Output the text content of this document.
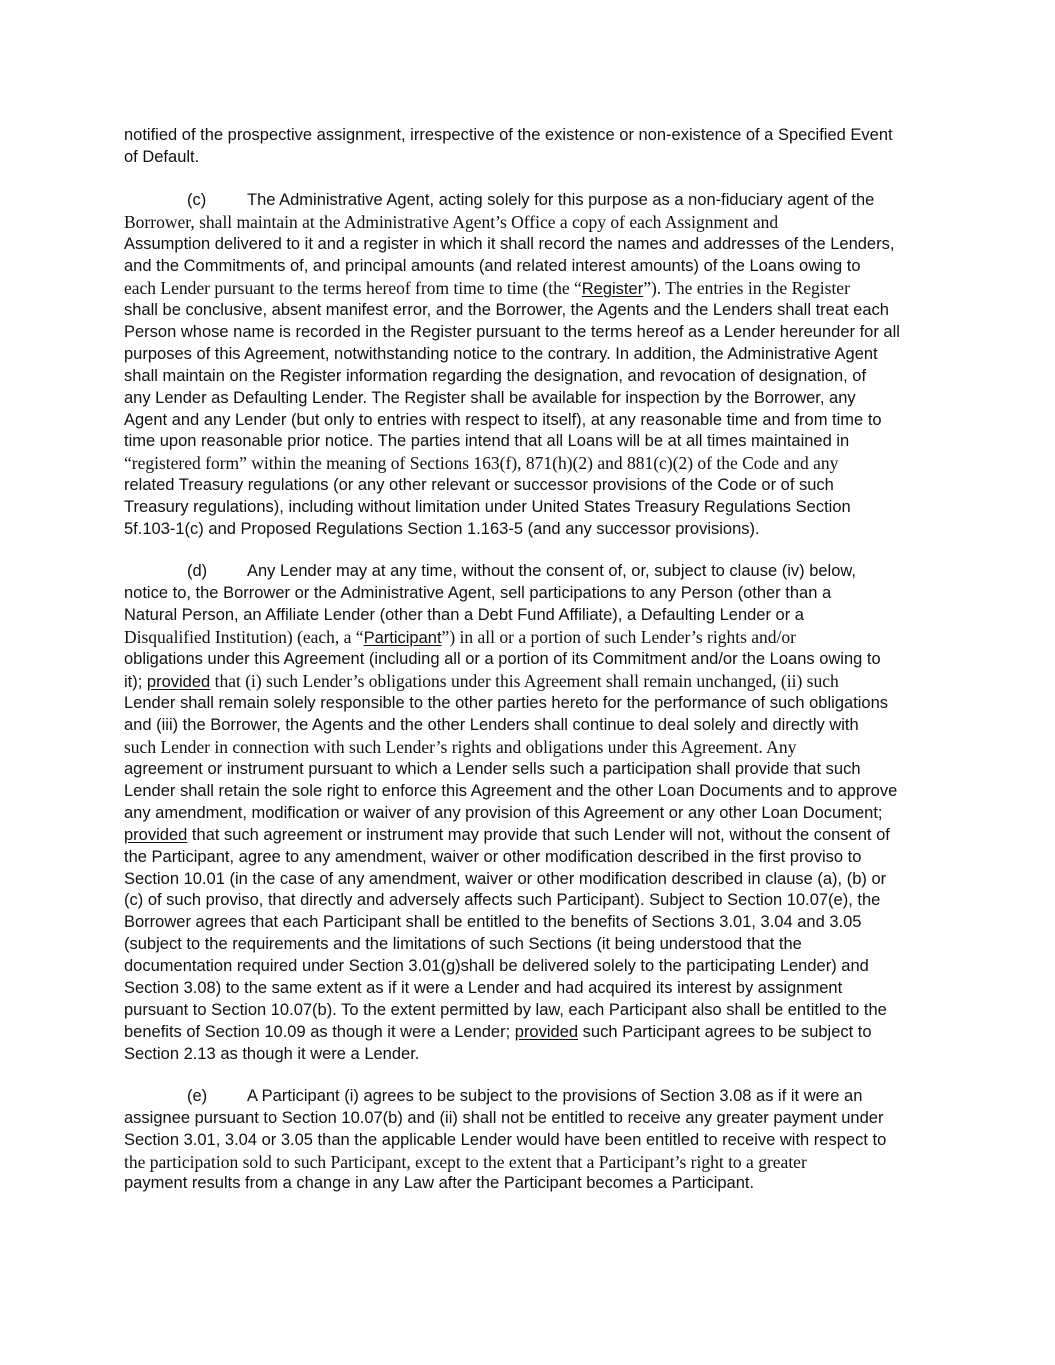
notified of the prospective assignment, irrespective of the existence or non-existence of a Specified Event
of Default.
(c) The Administrative Agent, acting solely for this purpose as a non-fiduciary agent of the
Borrower, shall maintain at the Administrative Agent’s Office a copy of each Assignment and
Assumption delivered to it and a register in which it shall record the names and addresses of the Lenders,
and the Commitments of, and principal amounts (and related interest amounts) of the Loans owing to
each Lender pursuant to the terms hereof from time to time (the “Register”). The entries in the Register
shall be conclusive, absent manifest error, and the Borrower, the Agents and the Lenders shall treat each
Person whose name is recorded in the Register pursuant to the terms hereof as a Lender hereunder for all
purposes of this Agreement, notwithstanding notice to the contrary. In addition, the Administrative Agent
shall maintain on the Register information regarding the designation, and revocation of designation, of
any Lender as Defaulting Lender. The Register shall be available for inspection by the Borrower, any
Agent and any Lender (but only to entries with respect to itself), at any reasonable time and from time to
time upon reasonable prior notice. The parties intend that all Loans will be at all times maintained in
“registered form” within the meaning of Sections 163(f), 871(h)(2) and 881(c)(2) of the Code and any
related Treasury regulations (or any other relevant or successor provisions of the Code or of such
Treasury regulations), including without limitation under United States Treasury Regulations Section
5f.103-1(c) and Proposed Regulations Section 1.163-5 (and any successor provisions).
(d) Any Lender may at any time, without the consent of, or, subject to clause (iv) below,
notice to, the Borrower or the Administrative Agent, sell participations to any Person (other than a
Natural Person, an Affiliate Lender (other than a Debt Fund Affiliate), a Defaulting Lender or a
Disqualified Institution) (each, a “Participant”) in all or a portion of such Lender’s rights and/or
obligations under this Agreement (including all or a portion of its Commitment and/or the Loans owing to
it); provided that (i) such Lender’s obligations under this Agreement shall remain unchanged, (ii) such
Lender shall remain solely responsible to the other parties hereto for the performance of such obligations
and (iii) the Borrower, the Agents and the other Lenders shall continue to deal solely and directly with
such Lender in connection with such Lender’s rights and obligations under this Agreement. Any
agreement or instrument pursuant to which a Lender sells such a participation shall provide that such
Lender shall retain the sole right to enforce this Agreement and the other Loan Documents and to approve
any amendment, modification or waiver of any provision of this Agreement or any other Loan Document;
provided that such agreement or instrument may provide that such Lender will not, without the consent of
the Participant, agree to any amendment, waiver or other modification described in the first proviso to
Section 10.01 (in the case of any amendment, waiver or other modification described in clause (a), (b) or
(c) of such proviso, that directly and adversely affects such Participant). Subject to Section 10.07(e), the
Borrower agrees that each Participant shall be entitled to the benefits of Sections 3.01, 3.04 and 3.05
(subject to the requirements and the limitations of such Sections (it being understood that the
documentation required under Section 3.01(g)shall be delivered solely to the participating Lender) and
Section 3.08) to the same extent as if it were a Lender and had acquired its interest by assignment
pursuant to Section 10.07(b). To the extent permitted by law, each Participant also shall be entitled to the
benefits of Section 10.09 as though it were a Lender; provided such Participant agrees to be subject to
Section 2.13 as though it were a Lender.
(e) A Participant (i) agrees to be subject to the provisions of Section 3.08 as if it were an
assignee pursuant to Section 10.07(b) and (ii) shall not be entitled to receive any greater payment under
Section 3.01, 3.04 or 3.05 than the applicable Lender would have been entitled to receive with respect to
the participation sold to such Participant, except to the extent that a Participant’s right to a greater
payment results from a change in any Law after the Participant becomes a Participant.
